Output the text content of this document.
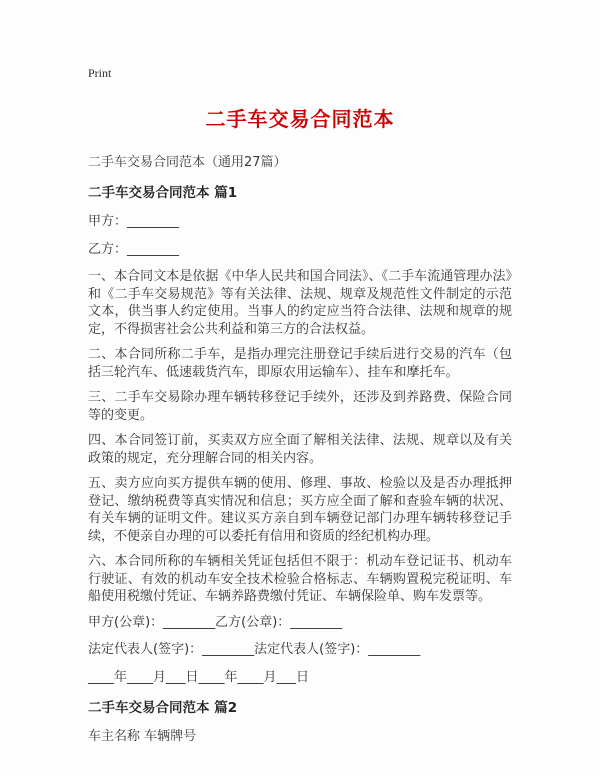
Print
二手车交易合同范本

二手车交易合同范本（通用27篇）

二手车交易合同范本 篇1

甲方：________

乙方：________

一、本合同文本是依据《中华人民共和国合同法》、《二手车流通管理办法》和《二手车交易规范》等有关法律、法规、规章及规范性文件制定的示范文本，供当事人约定使用。当事人的约定应当符合法律、法规和规章的规定，不得损害社会公共利益和第三方的合法权益。

二、本合同所称二手车，是指办理完注册登记手续后进行交易的汽车（包括三轮汽车、低速载货汽车，即原农用运输车）、挂车和摩托车。

三、二手车交易除办理车辆转移登记手续外，还涉及到养路费、保险合同等的变更。

四、本合同签订前，买卖双方应全面了解相关法律、法规、规章以及有关政策的规定，充分理解合同的相关内容。

五、卖方应向买方提供车辆的使用、修理、事故、检验以及是否办理抵押登记、缴纳税费等真实情况和信息；买方应全面了解和查验车辆的状况、有关车辆的证明文件。建议买方亲自到车辆登记部门办理车辆转移登记手续，不便亲自办理的可以委托有信用和资质的经纪机构办理。

六、本合同所称的车辆相关凭证包括但不限于：机动车登记证书、机动车行驶证、有效的机动车安全技术检验合格标志、车辆购置税完税证明、车船使用税缴付凭证、车辆养路费缴付凭证、车辆保险单、购车发票等。

甲方(公章)：________乙方(公章)：________

法定代表人(签字)：________法定代表人(签字)：________

____年____月___日____年____月___日

二手车交易合同范本 篇2

车主名称 车辆牌号
